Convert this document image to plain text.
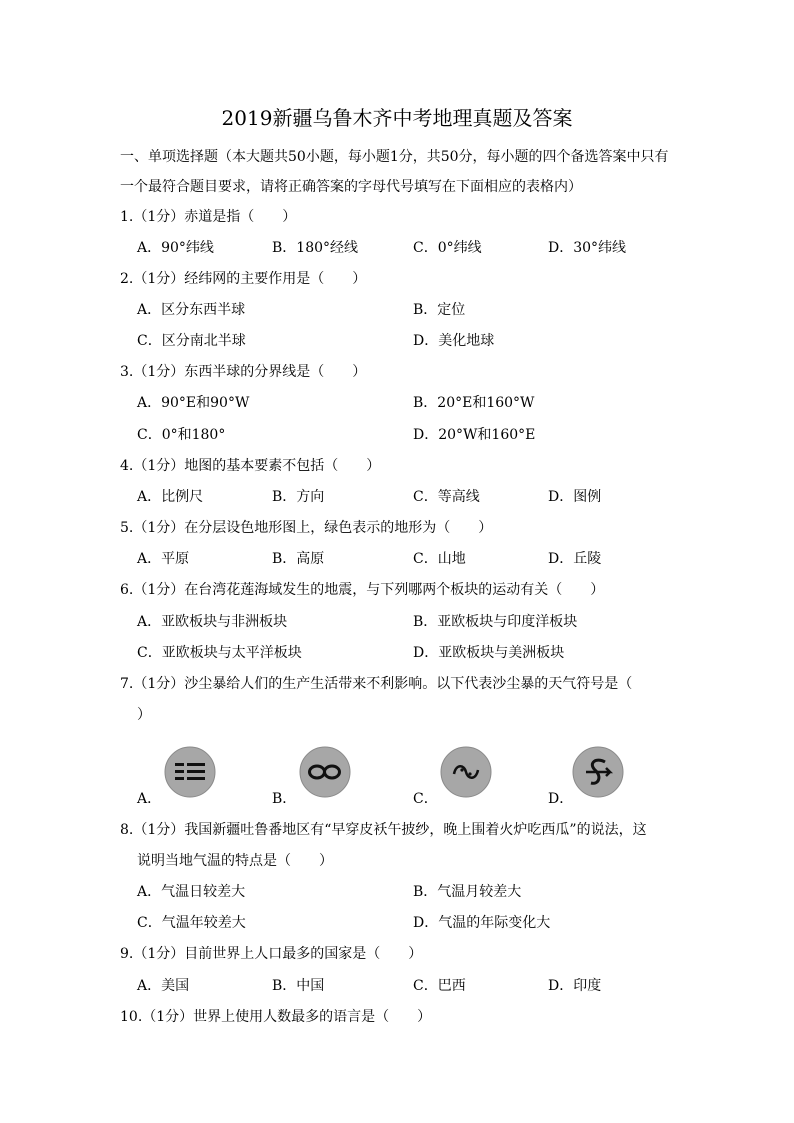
2019新疆乌鲁木齐中考地理真题及答案
一、单项选择题（本大题共50小题，每小题1分，共50分，每小题的四个备选答案中只有一个最符合题目要求，请将正确答案的字母代号填写在下面相应的表格内）
1.（1分）赤道是指（　　）
A．90°纬线	B．180°经线	C．0°纬线	D．30°纬线
2.（1分）经纬网的主要作用是（　　）
A．区分东西半球	B．定位
C．区分南北半球	D．美化地球
3.（1分）东西半球的分界线是（　　）
A．90°E和90°W	B．20°E和160°W
C．0°和180°	D．20°W和160°E
4.（1分）地图的基本要素不包括（　　）
A．比例尺	B．方向	C．等高线	D．图例
5.（1分）在分层设色地形图上，绿色表示的地形为（　　）
A．平原	B．高原	C．山地	D．丘陵
6.（1分）在台湾花莲海域发生的地震，与下列哪两个板块的运动有关（　　）
A．亚欧板块与非洲板块	B．亚欧板块与印度洋板块
C．亚欧板块与太平洋板块	D．亚欧板块与美洲板块
7.（1分）沙尘暴给人们的生产生活带来不利影响。以下代表沙尘暴的天气符号是（
）
A．	B．	C．	D．
8.（1分）我国新疆吐鲁番地区有“早穿皮袄午披纱，晚上围着火炉吃西瓜”的说法，这
说明当地气温的特点是（　　）
A．气温日较差大	B．气温月较差大
C．气温年较差大	D．气温的年际变化大
9.（1分）目前世界上人口最多的国家是（　　）
A．美国	B．中国	C．巴西	D．印度
10.（1分）世界上使用人数最多的语言是（　　）
